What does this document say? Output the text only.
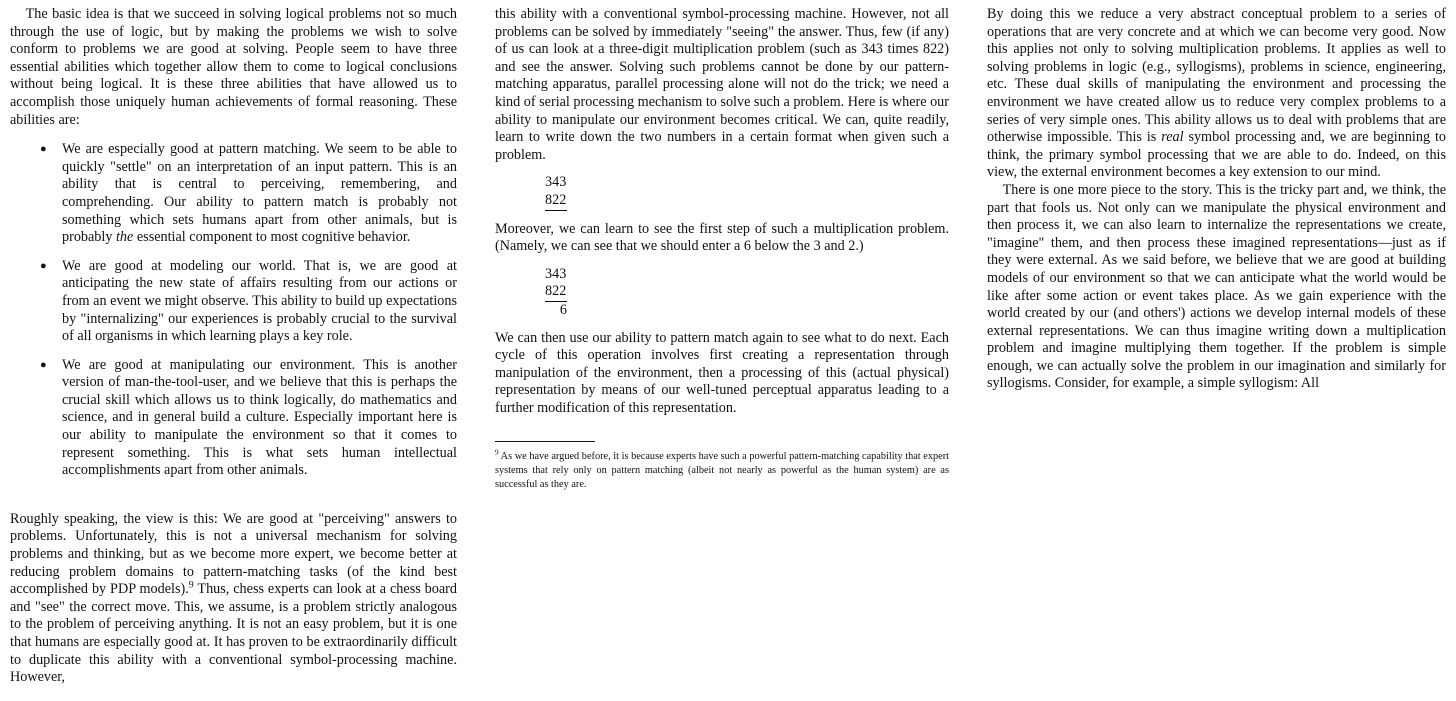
The basic idea is that we succeed in solving logical problems not so much through the use of logic, but by making the problems we wish to solve conform to problems we are good at solving. People seem to have three essential abilities which together allow them to come to logical conclusions without being logical. It is these three abilities that have allowed us to accomplish those uniquely human achievements of formal reasoning. These abilities are:

● We are especially good at pattern matching. We seem to be able to quickly "settle" on an interpretation of an input pattern. This is an ability that is central to perceiving, remembering, and comprehending. Our ability to pattern match is probably not something which sets humans apart from other animals, but is probably the essential component to most cognitive behavior.
● We are good at modeling our world. That is, we are good at anticipating the new state of affairs resulting from our actions or from an event we might observe. This ability to build up expectations by "internalizing" our experiences is probably crucial to the survival of all organisms in which learning plays a key role.
● We are good at manipulating our environment. This is another version of man-the-tool-user, and we believe that this is perhaps the crucial skill which allows us to think logically, do mathematics and science, and in general build a culture. Especially important here is our ability to manipulate the environment so that it comes to represent something. This is what sets human intellectual accomplishments apart from other animals.

Roughly speaking, the view is this: We are good at "perceiving" answers to problems. Unfortunately, this is not a universal mechanism for solving problems and thinking, but as we become more expert, we become better at reducing problem domains to pattern-matching tasks (of the kind best accomplished by PDP models).$^9$ Thus, chess experts can look at a chess board and "see" the correct move. This, we assume, is a problem strictly analogous to the problem of perceiving anything. It is not an easy problem, but it is one that humans are especially good at. It has proven to be extraordinarily difficult to duplicate this ability with a conventional symbol-processing machine. However,

this ability with a conventional symbol-processing machine. However, not all problems can be solved by immediately "seeing" the answer. Thus, few (if any) of us can look at a three-digit multiplication problem (such as 343 times 822) and see the answer. Solving such problems cannot be done by our pattern-matching apparatus, parallel processing alone will not do the trick; we need a kind of serial processing mechanism to solve such a problem. Here is where our ability to manipulate our environment becomes critical. We can, quite readily, learn to write down the two numbers in a certain format when given such a problem.

343
822

Moreover, we can learn to see the first step of such a multiplication problem. (Namely, we can see that we should enter a 6 below the 3 and 2.)

343
822
6

We can then use our ability to pattern match again to see what to do next. Each cycle of this operation involves first creating a representation through manipulation of the environment, then a processing of this (actual physical) representation by means of our well-tuned perceptual apparatus leading to a further modification of this representation.

$^9$ As we have argued before, it is because experts have such a powerful pattern-matching capability that expert systems that rely only on pattern matching (albeit not nearly as powerful as the human system) are as successful as they are.

By doing this we reduce a very abstract conceptual problem to a series of operations that are very concrete and at which we can become very good. Now this applies not only to solving multiplication problems. It applies as well to solving problems in logic (e.g., syllogisms), problems in science, engineering, etc. These dual skills of manipulating the environment and processing the environment we have created allow us to reduce very complex problems to a series of very simple ones. This ability allows us to deal with problems that are otherwise impossible. This is real symbol processing and, we are beginning to think, the primary symbol processing that we are able to do. Indeed, on this view, the external environment becomes a key extension to our mind.

There is one more piece to the story. This is the tricky part and, we think, the part that fools us. Not only can we manipulate the physical environment and then process it, we can also learn to internalize the representations we create, "imagine" them, and then process these imagined representations—just as if they were external. As we said before, we believe that we are good at building models of our environment so that we can anticipate what the world would be like after some action or event takes place. As we gain experience with the world created by our (and others') actions we develop internal models of these external representations. We can thus imagine writing down a multiplication problem and imagine multiplying them together. If the problem is simple enough, we can actually solve the problem in our imagination and similarly for syllogisms. Consider, for example, a simple syllogism: All
